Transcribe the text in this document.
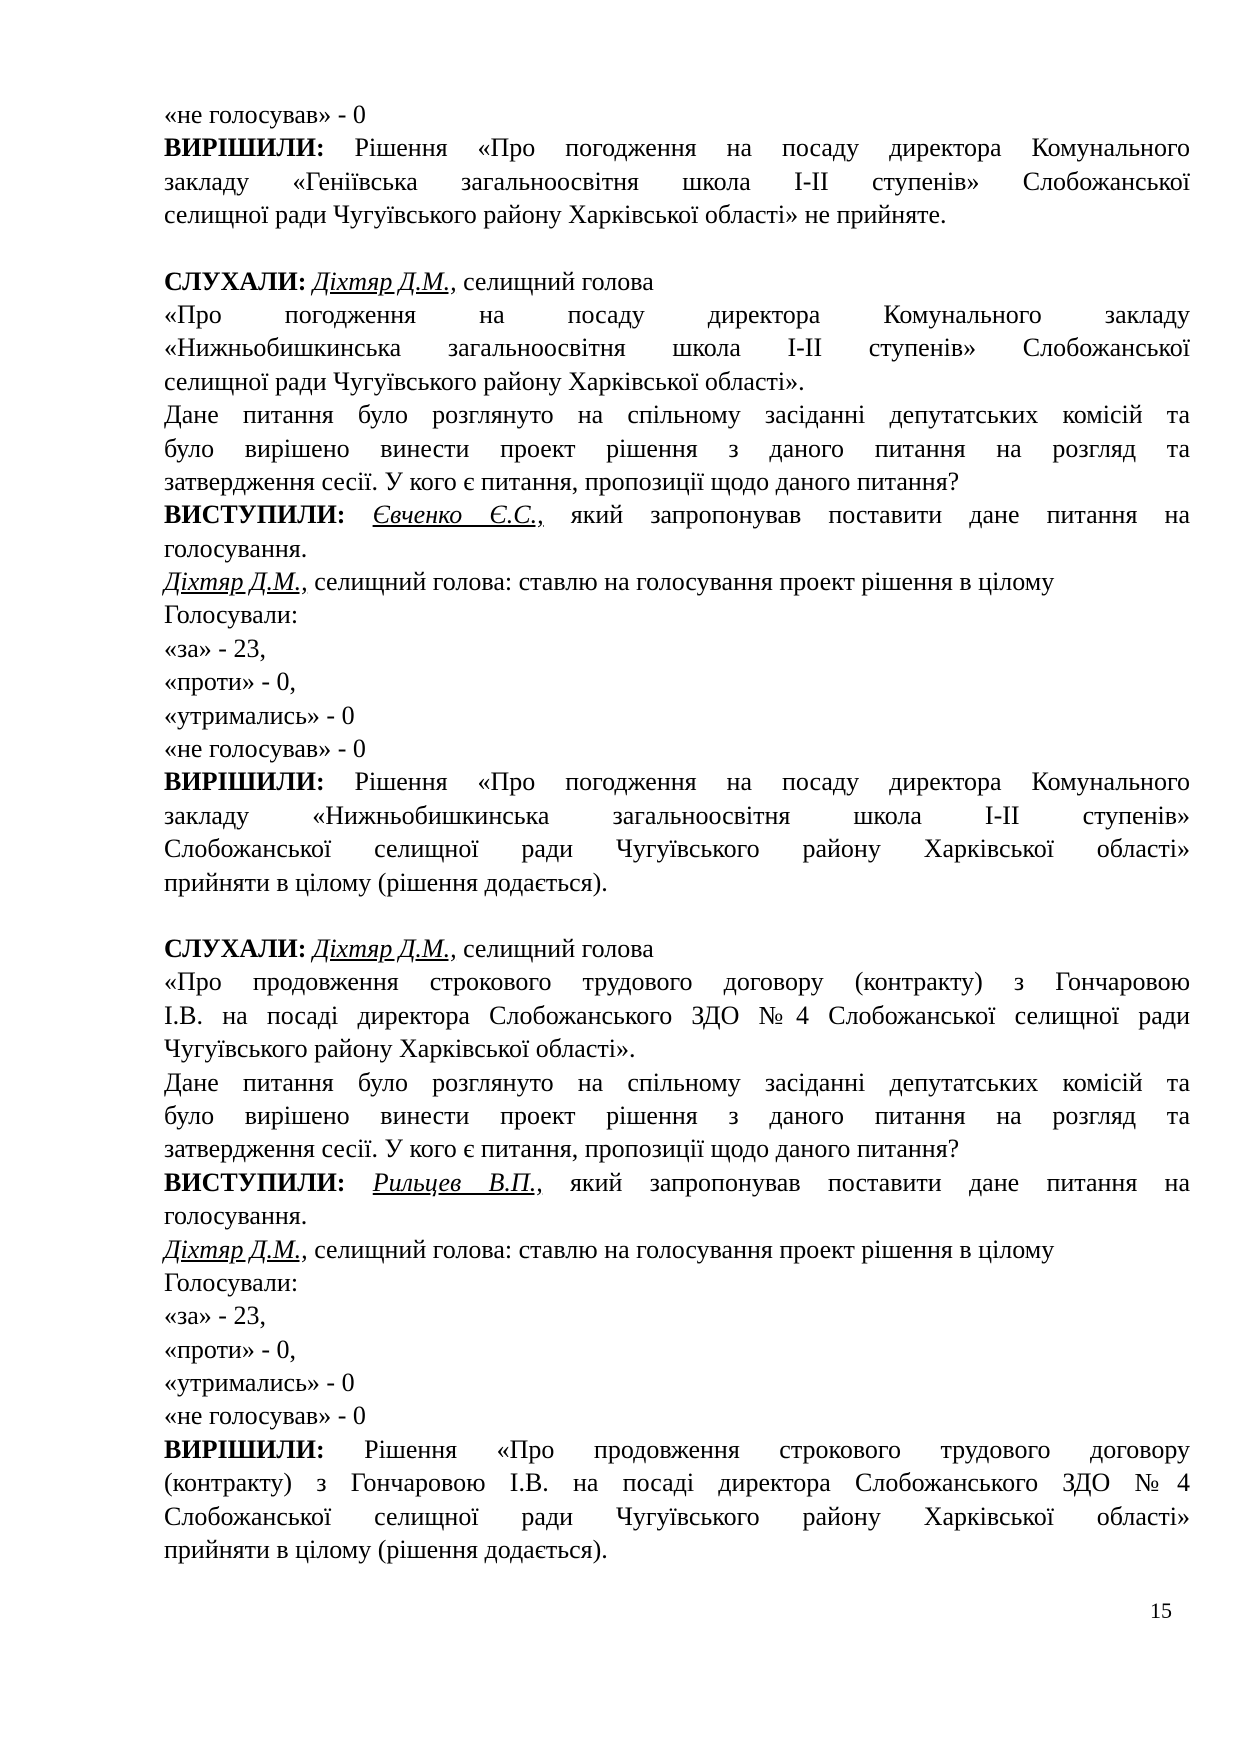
«не голосував» - 0
ВИРІШИЛИ: Рішення «Про погодження на посаду директора Комунального
закладу «Геніївська загальноосвітня школа І-ІІ ступенів» Слобожанської
селищної ради Чугуївського району Харківської області» не прийняте.
СЛУХАЛИ: Діхтяр Д.М., селищний голова
«Про погодження на посаду директора Комунального закладу
«Нижньобишкинська загальноосвітня школа І-ІІ ступенів» Слобожанської
селищної ради Чугуївського району Харківської області».
Дане питання було розглянуто на спільному засіданні депутатських комісій та
було вирішено винести проект рішення з даного питання на розгляд та
затвердження сесії. У кого є питання, пропозиції щодо даного питання?
ВИСТУПИЛИ: Євченко Є.С., який запропонував поставити дане питання на
голосування.
Діхтяр Д.М., селищний голова: ставлю на голосування проект рішення в цілому
Голосували:
«за» - 23,
«проти» - 0,
«утримались» - 0
«не голосував» - 0
ВИРІШИЛИ: Рішення «Про погодження на посаду директора Комунального
закладу «Нижньобишкинська загальноосвітня школа І-ІІ ступенів»
Слобожанської селищної ради Чугуївського району Харківської області»
прийняти в цілому (рішення додається).
СЛУХАЛИ: Діхтяр Д.М., селищний голова
«Про продовження строкового трудового договору (контракту) з Гончаровою
І.В. на посаді директора Слобожанського ЗДО №4 Слобожанської селищної ради
Чугуївського району Харківської області».
Дане питання було розглянуто на спільному засіданні депутатських комісій та
було вирішено винести проект рішення з даного питання на розгляд та
затвердження сесії. У кого є питання, пропозиції щодо даного питання?
ВИСТУПИЛИ: Рильцев В.П., який запропонував поставити дане питання на
голосування.
Діхтяр Д.М., селищний голова: ставлю на голосування проект рішення в цілому
Голосували:
«за» - 23,
«проти» - 0,
«утримались» - 0
«не голосував» - 0
ВИРІШИЛИ: Рішення «Про продовження строкового трудового договору
(контракту) з Гончаровою І.В. на посаді директора Слобожанського ЗДО №4
Слобожанської селищної ради Чугуївського району Харківської області»
прийняти в цілому (рішення додається).
15
